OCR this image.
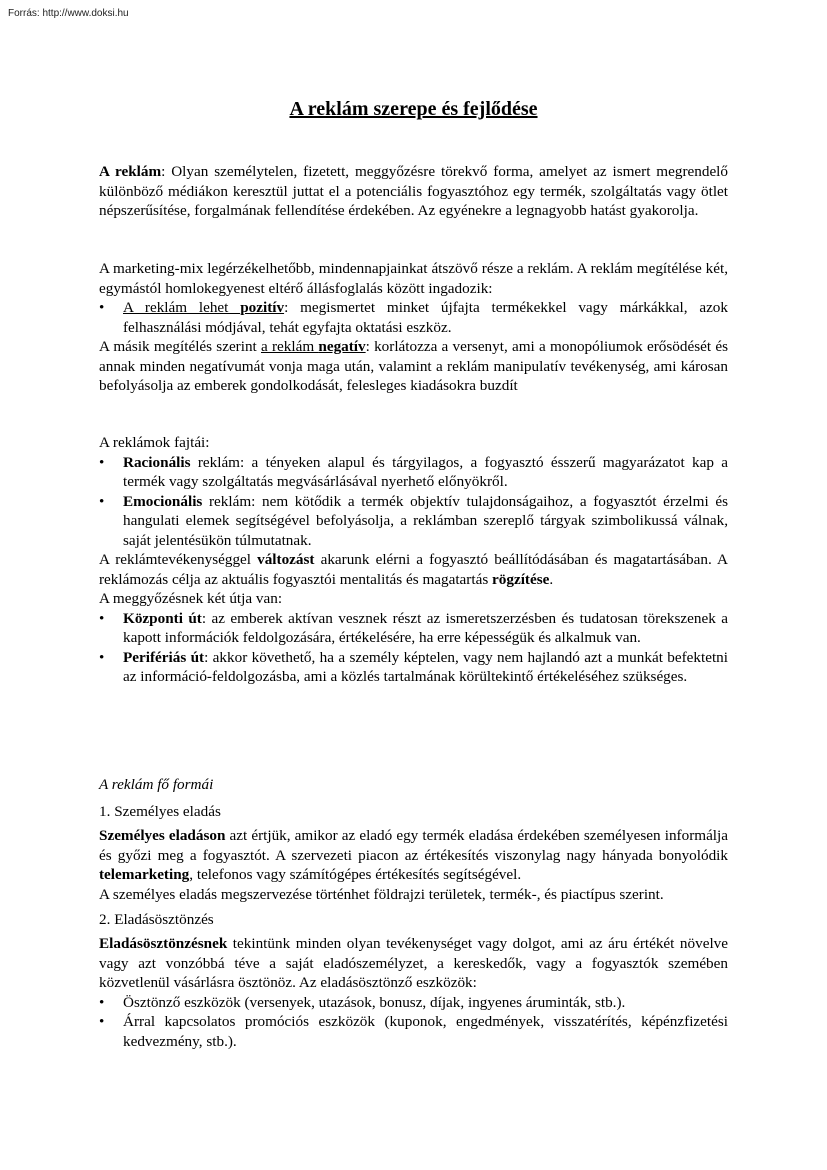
Forrás: http://www.doksi.hu
A reklám szerepe és fejlődése

A reklám: Olyan személytelen, fizetett, meggyőzésre törekvő forma, amelyet az ismert megrendelő különböző médiákon keresztül juttat el a potenciális fogyasztóhoz egy termék, szolgáltatás vagy ötlet népszerűsítése, forgalmának fellendítése érdekében. Az egyénekre a legnagyobb hatást gyakorolja.

A marketing-mix legérzékelhetőbb, mindennapjainkat átszövő része a reklám. A reklám megítélése két, egymástól homlokegyenest eltérő állásfoglalás között ingadozik:

• A reklám lehet pozitív: megismertet minket újfajta termékekkel vagy márkákkal, azok felhasználási módjával, tehát egyfajta oktatási eszköz.

A másik megítélés szerint a reklám negatív: korlátozza a versenyt, ami a monopóliumok erősödését és annak minden negatívumát vonja maga után, valamint a reklám manipulatív tevékenység, ami károsan befolyásolja az emberek gondolkodását, felesleges kiadásokra buzdít

A reklámok fajtái:

• Racionális reklám: a tényeken alapul és tárgyilagos, a fogyasztó ésszerű magyarázatot kap a termék vagy szolgáltatás megvásárlásával nyerhető előnyökről.
• Emocionális reklám: nem kötődik a termék objektív tulajdonságaihoz, a fogyasztót érzelmi és hangulati elemek segítségével befolyásolja, a reklámban szereplő tárgyak szimbolikussá válnak, saját jelentésükön túlmutatnak.

A reklámtevékenységgel változást akarunk elérni a fogyasztó beállítódásában és magatartásában. A reklámozás célja az aktuális fogyasztói mentalitás és magatartás rögzítése.

A meggyőzésnek két útja van:

• Központi út: az emberek aktívan vesznek részt az ismeretszerzésben és tudatosan törekszenek a kapott információk feldolgozására, értékelésére, ha erre képességük és alkalmuk van.
• Perifériás út: akkor követhető, ha a személy képtelen, vagy nem hajlandó azt a munkát befektetni az információ-feldolgozásba, ami a közlés tartalmának körültekintő értékeléséhez szükséges.

A reklám fő formái

1. Személyes eladás

Személyes eladáson azt értjük, amikor az eladó egy termék eladása érdekében személyesen informálja és győzi meg a fogyasztót. A szervezeti piacon az értékesítés viszonylag nagy hányada bonyolódik telemarketing, telefonos vagy számítógépes értékesítés segítségével.

A személyes eladás megszervezése történhet földrajzi területek, termék-, és piactípus szerint.

2. Eladásösztönzés

Eladásösztönzésnek tekintünk minden olyan tevékenységet vagy dolgot, ami az áru értékét növelve vagy azt vonzóbbá téve a saját eladószemélyzet, a kereskedők, vagy a fogyasztók szemében közvetlenül vásárlásra ösztönöz. Az eladásösztönző eszközök:

• Ösztönző eszközök (versenyek, utazások, bonusz, díjak, ingyenes áruminták, stb.).
• Árral kapcsolatos promóciós eszközök (kuponok, engedmények, visszatérítés, képénzfizetési kedvezmény, stb.).
